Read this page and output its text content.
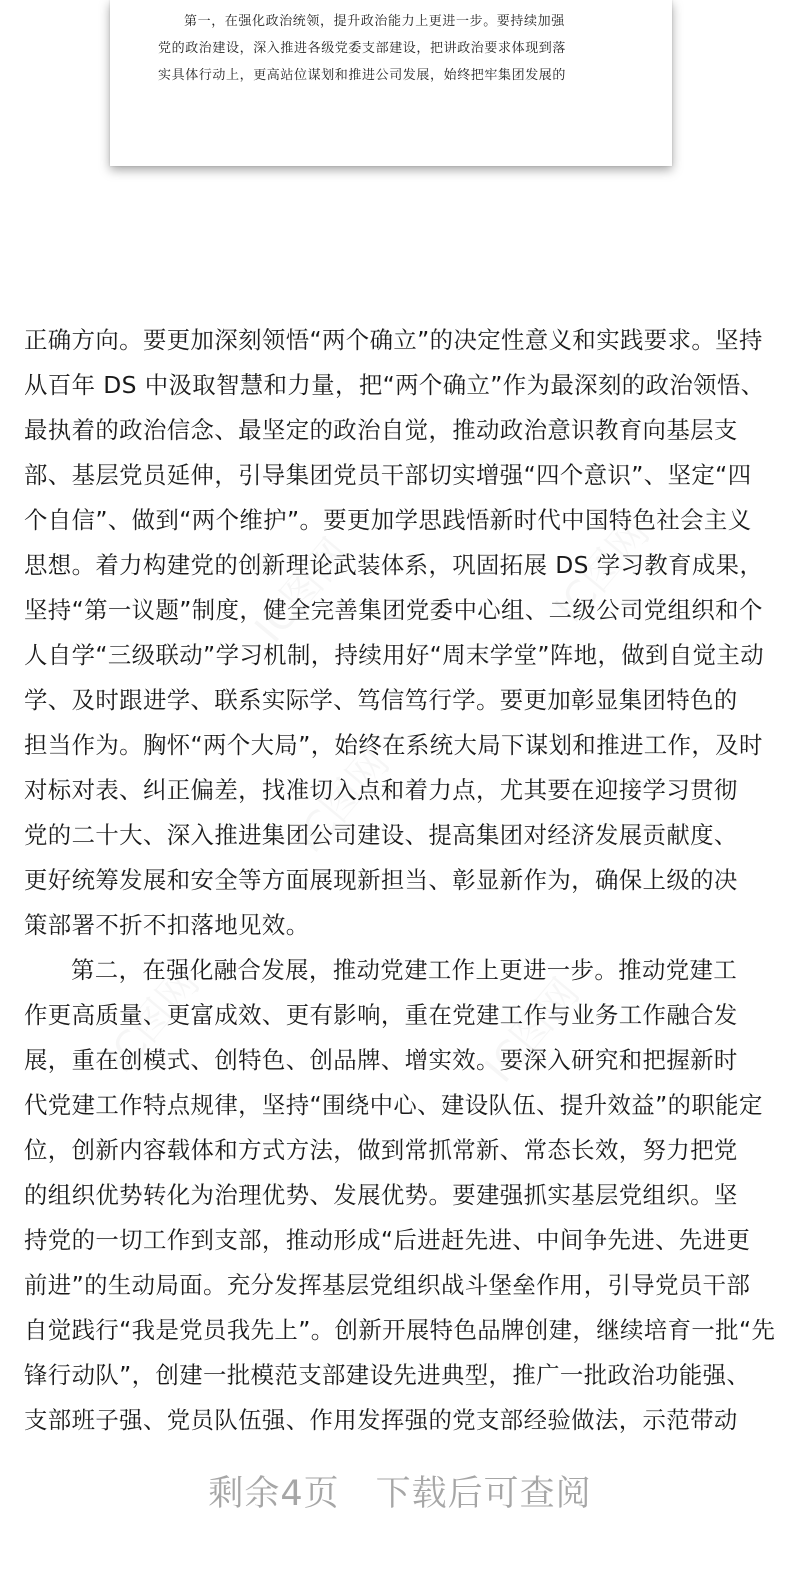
第一，在强化政治统领，提升政治能力上更进一步。要持续加强
党的政治建设，深入推进各级党委支部建设，把讲政治要求体现到落
实具体行动上，更高站位谋划和推进公司发展，始终把牢集团发展的

正确方向。要更加深刻领悟“两个确立”的决定性意义和实践要求。坚持
从百年 DS 中汲取智慧和力量，把“两个确立”作为最深刻的政治领悟、
最执着的政治信念、最坚定的政治自觉，推动政治意识教育向基层支
部、基层党员延伸，引导集团党员干部切实增强“四个意识”、坚定“四
个自信”、做到“两个维护”。要更加学思践悟新时代中国特色社会主义
思想。着力构建党的创新理论武装体系，巩固拓展 DS 学习教育成果，
坚持“第一议题”制度，健全完善集团党委中心组、二级公司党组织和个
人自学“三级联动”学习机制，持续用好“周末学堂”阵地，做到自觉主动
学、及时跟进学、联系实际学、笃信笃行学。要更加彰显集团特色的
担当作为。胸怀“两个大局”，始终在系统大局下谋划和推进工作，及时
对标对表、纠正偏差，找准切入点和着力点，尤其要在迎接学习贯彻
党的二十大、深入推进集团公司建设、提高集团对经济发展贡献度、
更好统筹发展和安全等方面展现新担当、彰显新作为，确保上级的决
策部署不折不扣落地见效。
第二，在强化融合发展，推动党建工作上更进一步。推动党建工
作更高质量、更富成效、更有影响，重在党建工作与业务工作融合发
展，重在创模式、创特色、创品牌、增实效。要深入研究和把握新时
代党建工作特点规律，坚持“围绕中心、建设队伍、提升效益”的职能定
位，创新内容载体和方式方法，做到常抓常新、常态长效，努力把党
的组织优势转化为治理优势、发展优势。要建强抓实基层党组织。坚
持党的一切工作到支部，推动形成“后进赶先进、中间争先进、先进更
前进”的生动局面。充分发挥基层党组织战斗堡垒作用，引导党员干部
自觉践行“我是党员我先上”。创新开展特色品牌创建，继续培育一批“先
锋行动队”，创建一批模范支部建设先进典型，推广一批政治功能强、
支部班子强、党员队伍强、作用发挥强的党支部经验做法，示范带动
剩余4页 下载后可查阅
